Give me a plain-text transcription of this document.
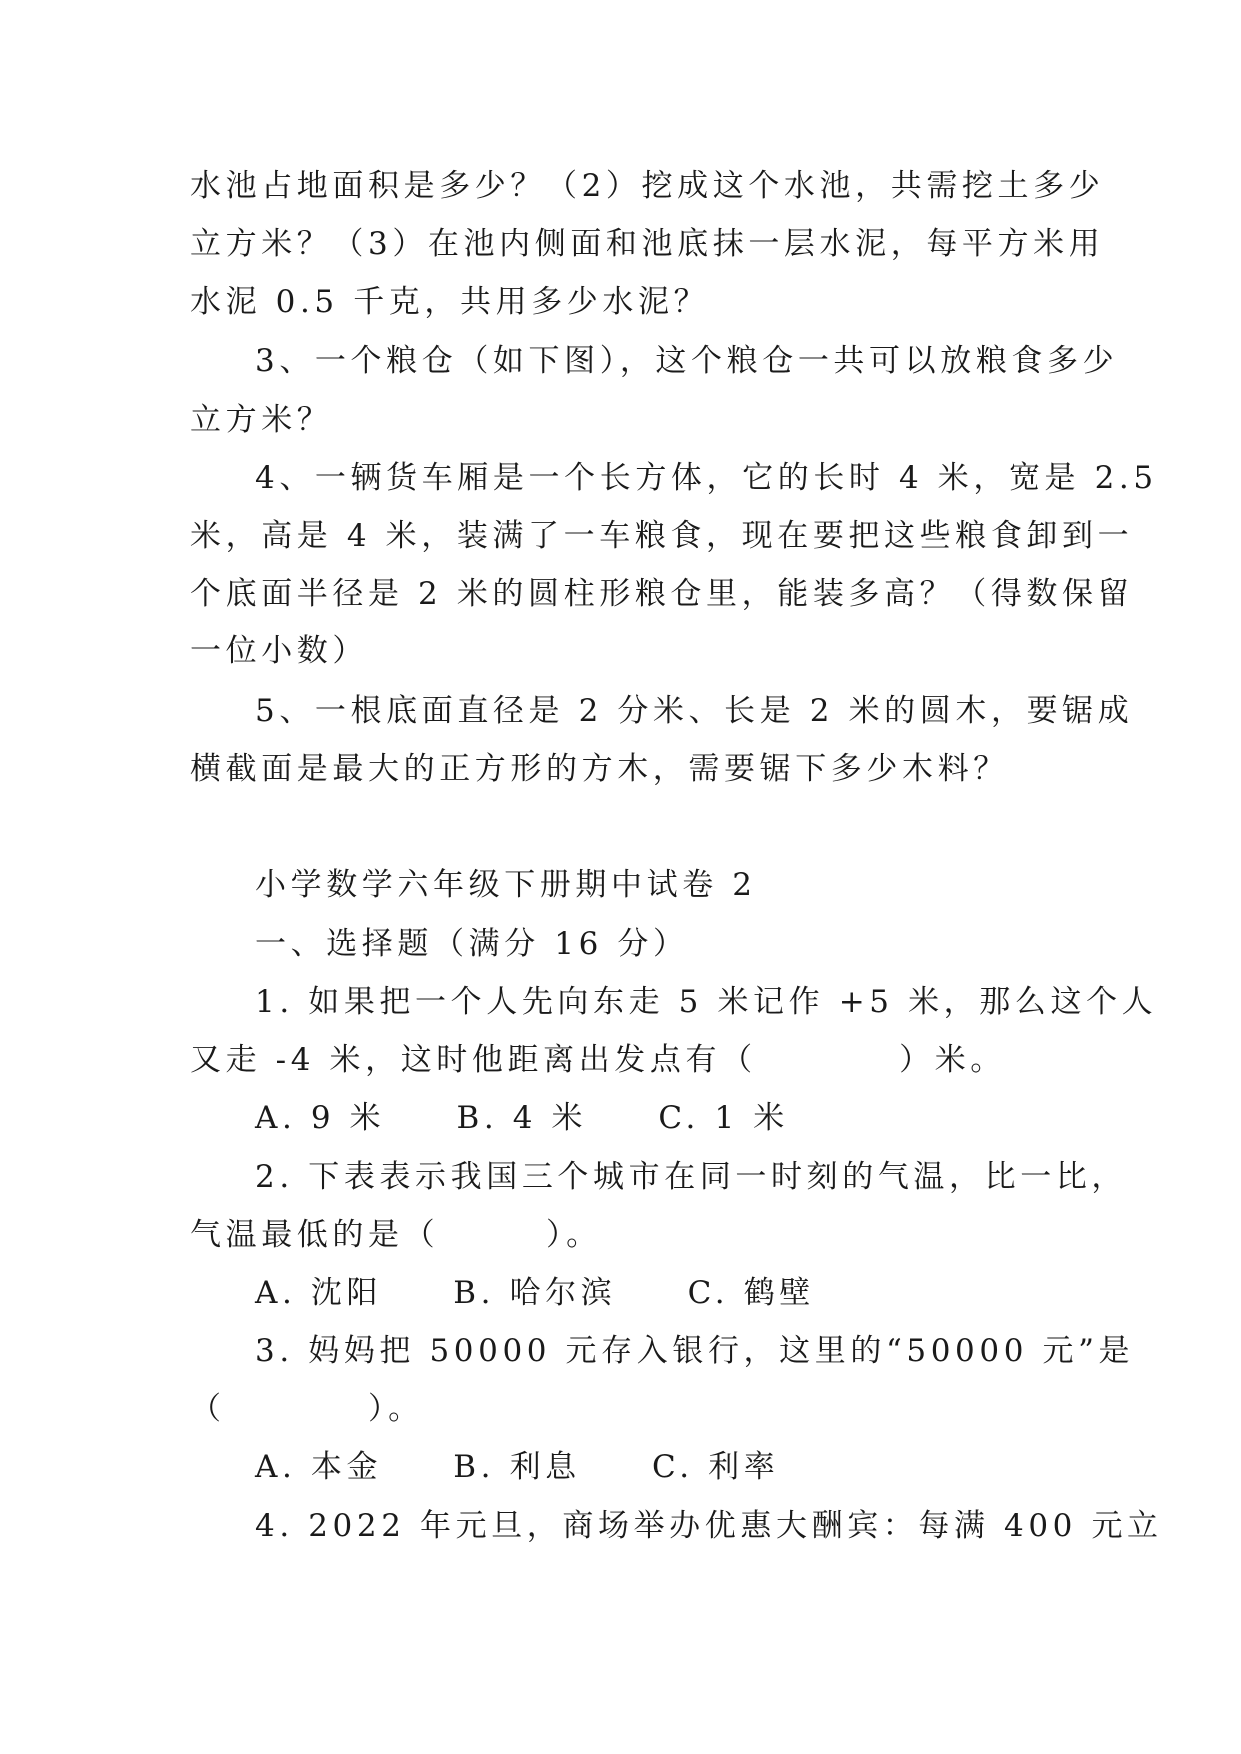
水池占地面积是多少？（2）挖成这个水池，共需挖土多少
立方米？（3）在池内侧面和池底抹一层水泥，每平方米用
水泥 0.5 千克，共用多少水泥？
3、一个粮仓（如下图），这个粮仓一共可以放粮食多少
立方米？
4、一辆货车厢是一个长方体，它的长时 4 米，宽是 2.5
米，高是 4 米，装满了一车粮食，现在要把这些粮食卸到一
个底面半径是 2 米的圆柱形粮仓里，能装多高？（得数保留
一位小数）
5、一根底面直径是 2 分米、长是 2 米的圆木，要锯成
横截面是最大的正方形的方木，需要锯下多少木料？
小学数学六年级下册期中试卷 2
一、选择题（满分 16 分）
1. 如果把一个人先向东走 5 米记作 +5 米，那么这个人
又走 -4 米，这时他距离出发点有（　　　　）米。
A. 9 米　　B. 4 米　　C. 1 米
2. 下表表示我国三个城市在同一时刻的气温，比一比，
气温最低的是（　　　）。
A. 沈阳　　B. 哈尔滨　　C. 鹤壁
3. 妈妈把 50000 元存入银行，这里的“50000 元”是
（　　　　）。
A. 本金　　B. 利息　　C. 利率
4. 2022 年元旦，商场举办优惠大酬宾：每满 400 元立
